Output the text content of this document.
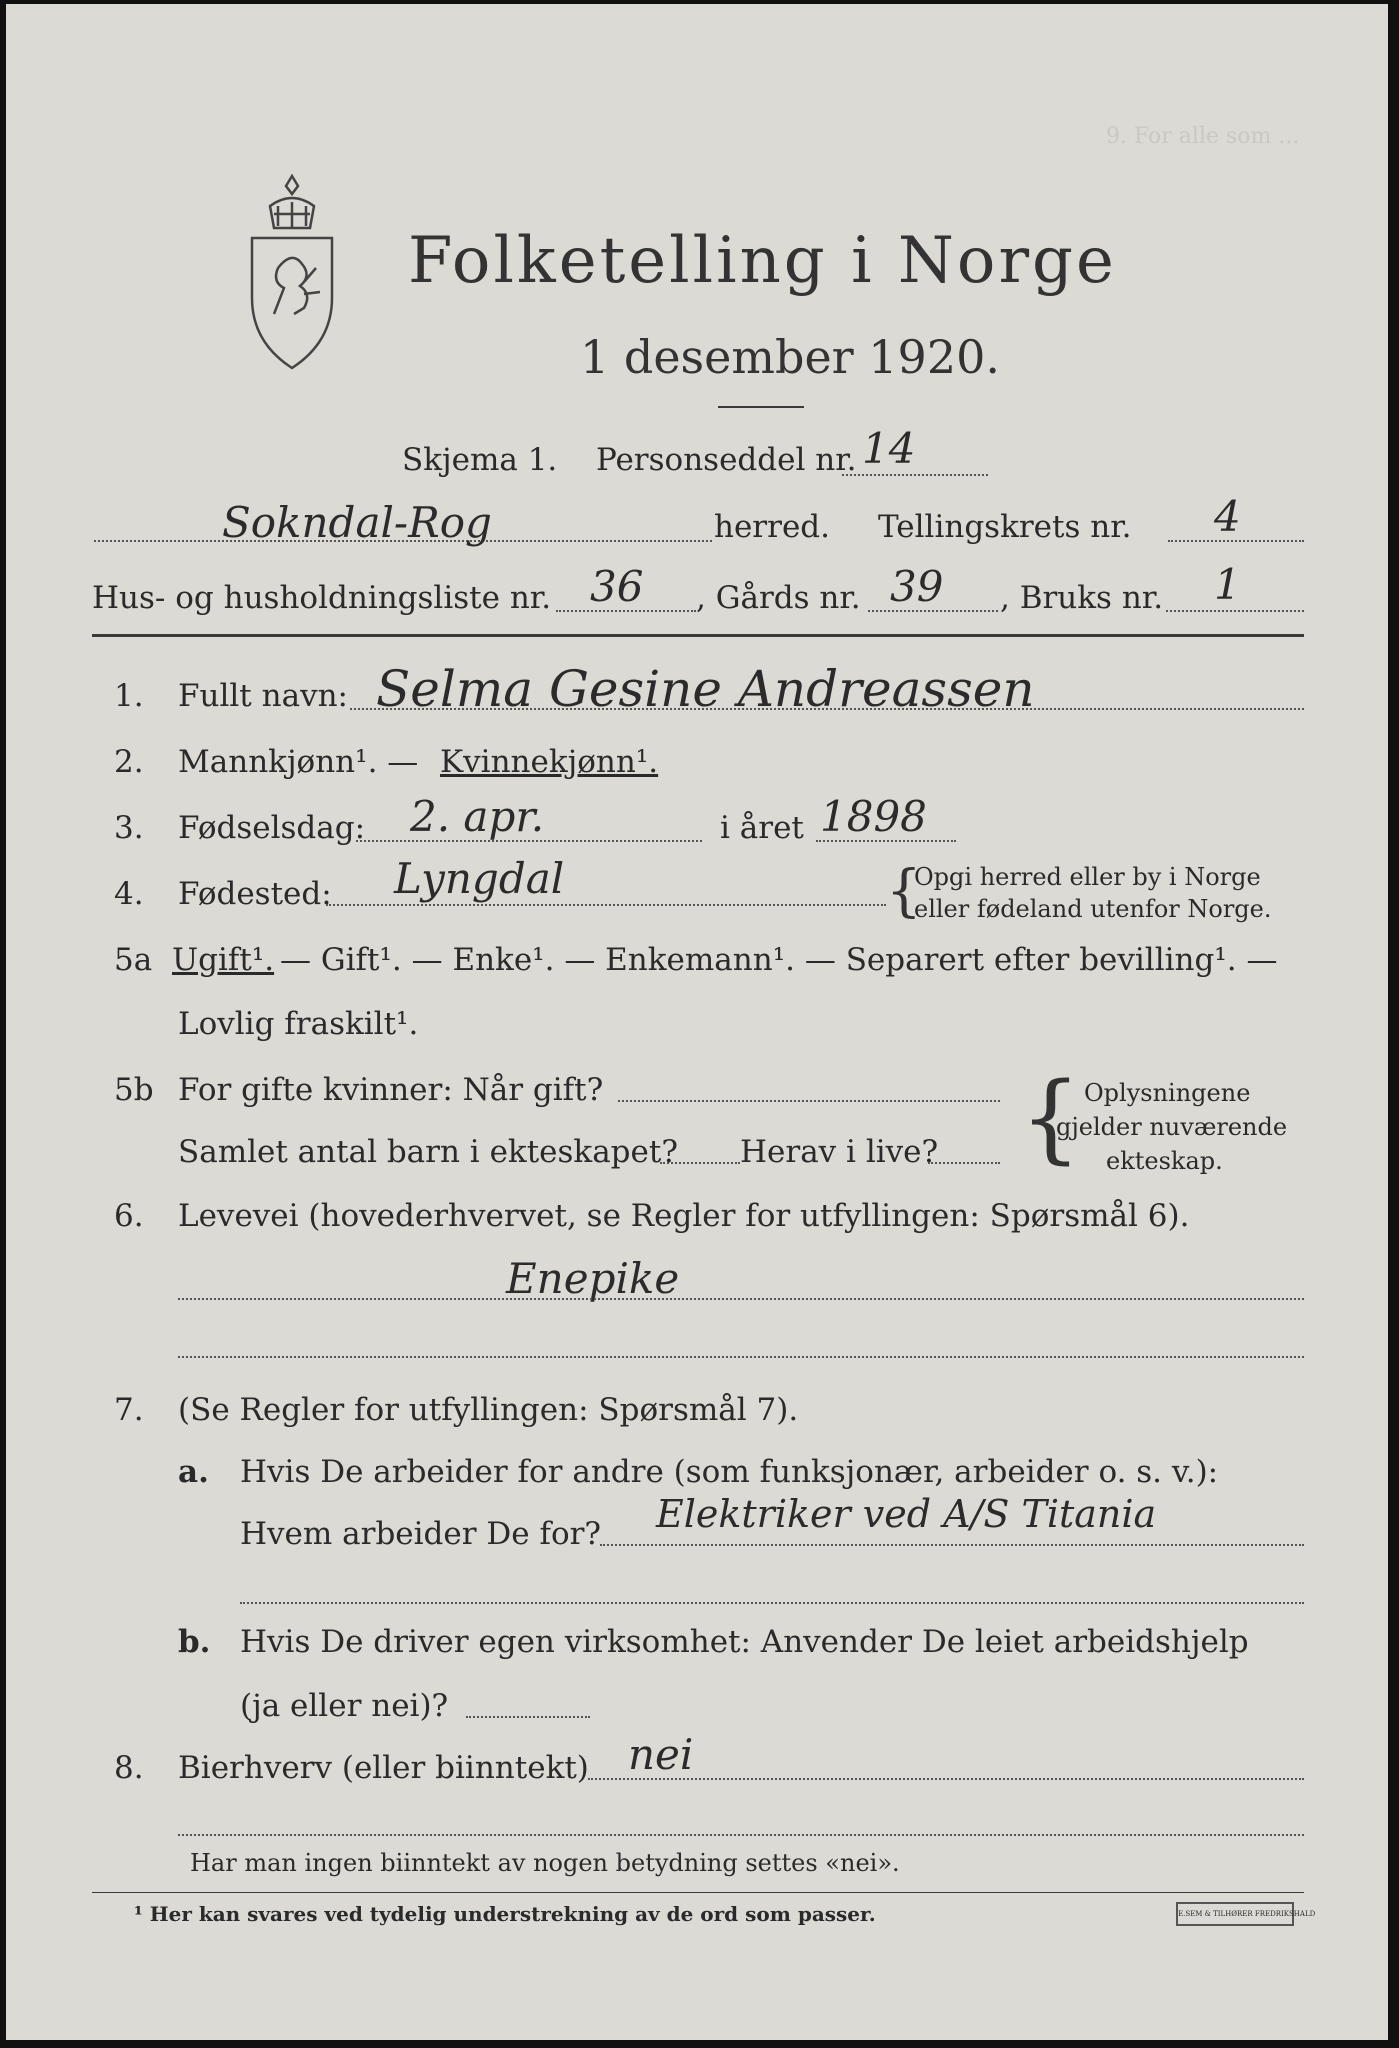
Folketelling i Norge
1 desember 1920.
9. For alle som ...
Skjema 1. Personseddel nr. 14
Sokndal-Rog	herred. Tellingskrets nr. 4
Hus- og husholdningsliste nr. 36 , Gårds nr. 39 , Bruks nr. 1
1. Fullt navn: Selma Gesine Andreassen
2. Mannkjønn¹. — Kvinnekjønn¹.
3. Fødselsdag: 2. apr.	i året 1898
4. Fødested: Lyngdal	{
Opgi herred eller by i Norge
eller fødeland utenfor Norge.
5a Ugift¹. — Gift¹. — Enke¹. — Enkemann¹. — Separert efter bevilling¹. —
Lovlig fraskilt¹.
5b For gifte kvinner: Når gift?
Samlet antal barn i ekteskapet? Herav i live? { Oplysningene
gjelder nuværende
ekteskap.
6. Levevei (hovederhvervet, se Regler for utfyllingen: Spørsmål 6).
Enepike
7. (Se Regler for utfyllingen: Spørsmål 7).
a. Hvis De arbeider for andre (som funksjonær, arbeider o. s. v.):
Hvem arbeider De for? Elektriker ved A/S Titania
b. Hvis De driver egen virksomhet: Anvender De leiet arbeidshjelp
(ja eller nei)?
8. Bierhverv (eller biinntekt) nei
Har man ingen biinntekt av nogen betydning settes «nei».
¹ Her kan svares ved tydelig understrekning av de ord som passer.	E.SEM & TILHØRER FREDRIKSHALD
